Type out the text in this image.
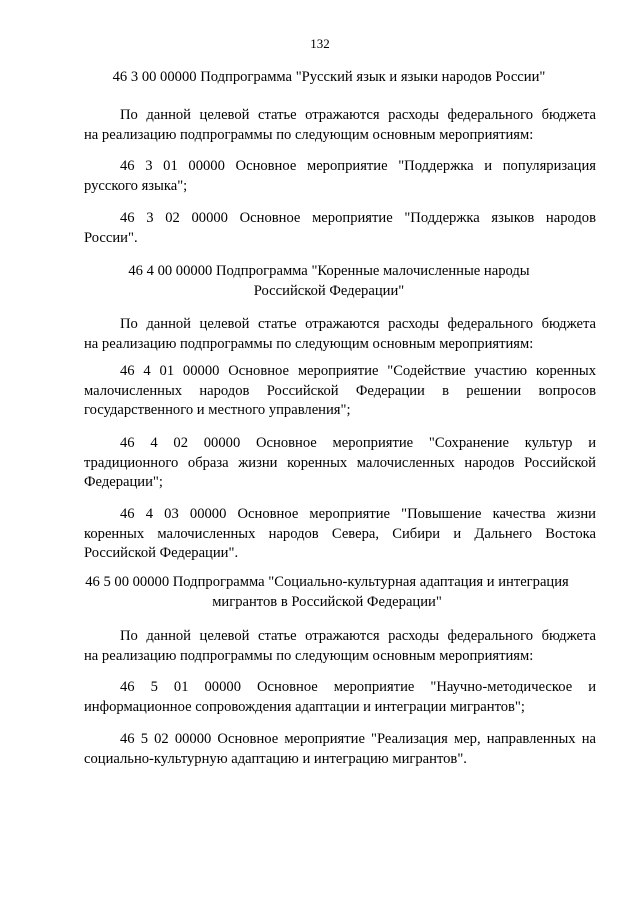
132
46 3 00 00000 Подпрограмма "Русский язык и языки народов России"
По данной целевой статье отражаются расходы федерального бюджета
на реализацию подпрограммы по следующим основным мероприятиям:
46 3 01 00000 Основное мероприятие "Поддержка и популяризация
русского языка";
46 3 02 00000 Основное мероприятие "Поддержка языков народов
России".
46 4 00 00000 Подпрограмма "Коренные малочисленные народы
Российской Федерации"
По данной целевой статье отражаются расходы федерального бюджета
на реализацию подпрограммы по следующим основным мероприятиям:
46 4 01 00000 Основное мероприятие "Содействие участию коренных
малочисленных народов Российской Федерации в решении вопросов
государственного и местного управления";
46 4 02 00000 Основное мероприятие "Сохранение культур и
традиционного образа жизни коренных малочисленных народов Российской
Федерации";
46 4 03 00000 Основное мероприятие "Повышение качества жизни
коренных малочисленных народов Севера, Сибири и Дальнего Востока
Российской Федерации".
46 5 00 00000 Подпрограмма "Социально-культурная адаптация и интеграция
мигрантов в Российской Федерации"
По данной целевой статье отражаются расходы федерального бюджета
на реализацию подпрограммы по следующим основным мероприятиям:
46 5 01 00000 Основное мероприятие "Научно-методическое и
информационное сопровождения адаптации и интеграции мигрантов";
46 5 02 00000 Основное мероприятие "Реализация мер, направленных на
социально-культурную адаптацию и интеграцию мигрантов".
